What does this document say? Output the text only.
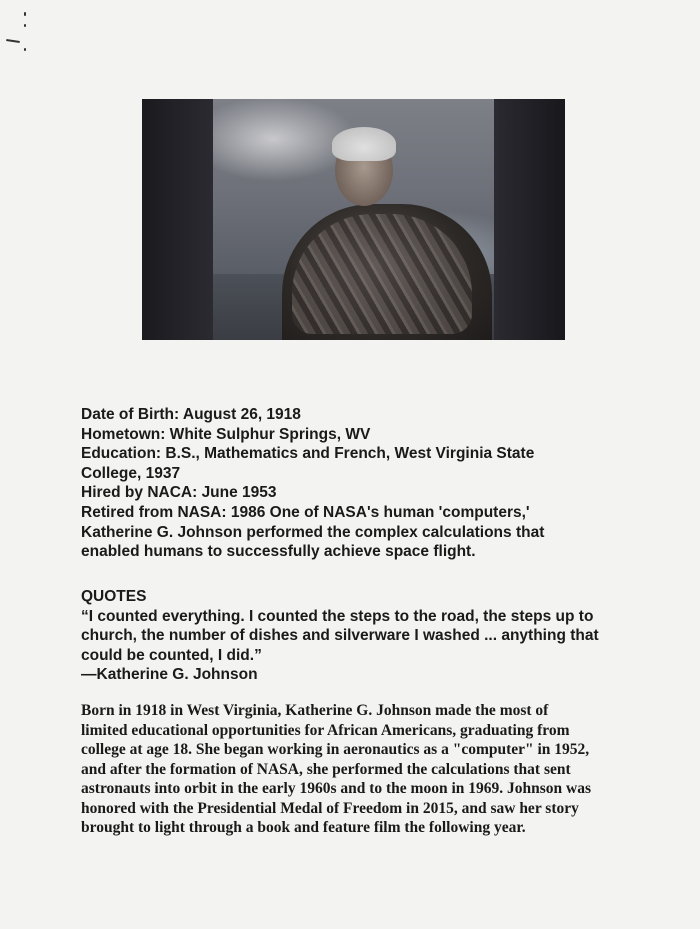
Date of Birth: August 26, 1918
Hometown: White Sulphur Springs, WV
Education: B.S., Mathematics and French, West Virginia State
College, 1937
Hired by NACA: June 1953
Retired from NASA: 1986 One of NASA's human 'computers,'
Katherine G. Johnson performed the complex calculations that
enabled humans to successfully achieve space flight.
QUOTES
“I counted everything. I counted the steps to the road, the steps up to
church, the number of dishes and silverware I washed ... anything that
could be counted, I did.”
—Katherine G. Johnson
Born in 1918 in West Virginia, Katherine G. Johnson made the most of
limited educational opportunities for African Americans, graduating from
college at age 18. She began working in aeronautics as a "computer" in 1952,
and after the formation of NASA, she performed the calculations that sent
astronauts into orbit in the early 1960s and to the moon in 1969. Johnson was
honored with the Presidential Medal of Freedom in 2015, and saw her story
brought to light through a book and feature film the following year.
